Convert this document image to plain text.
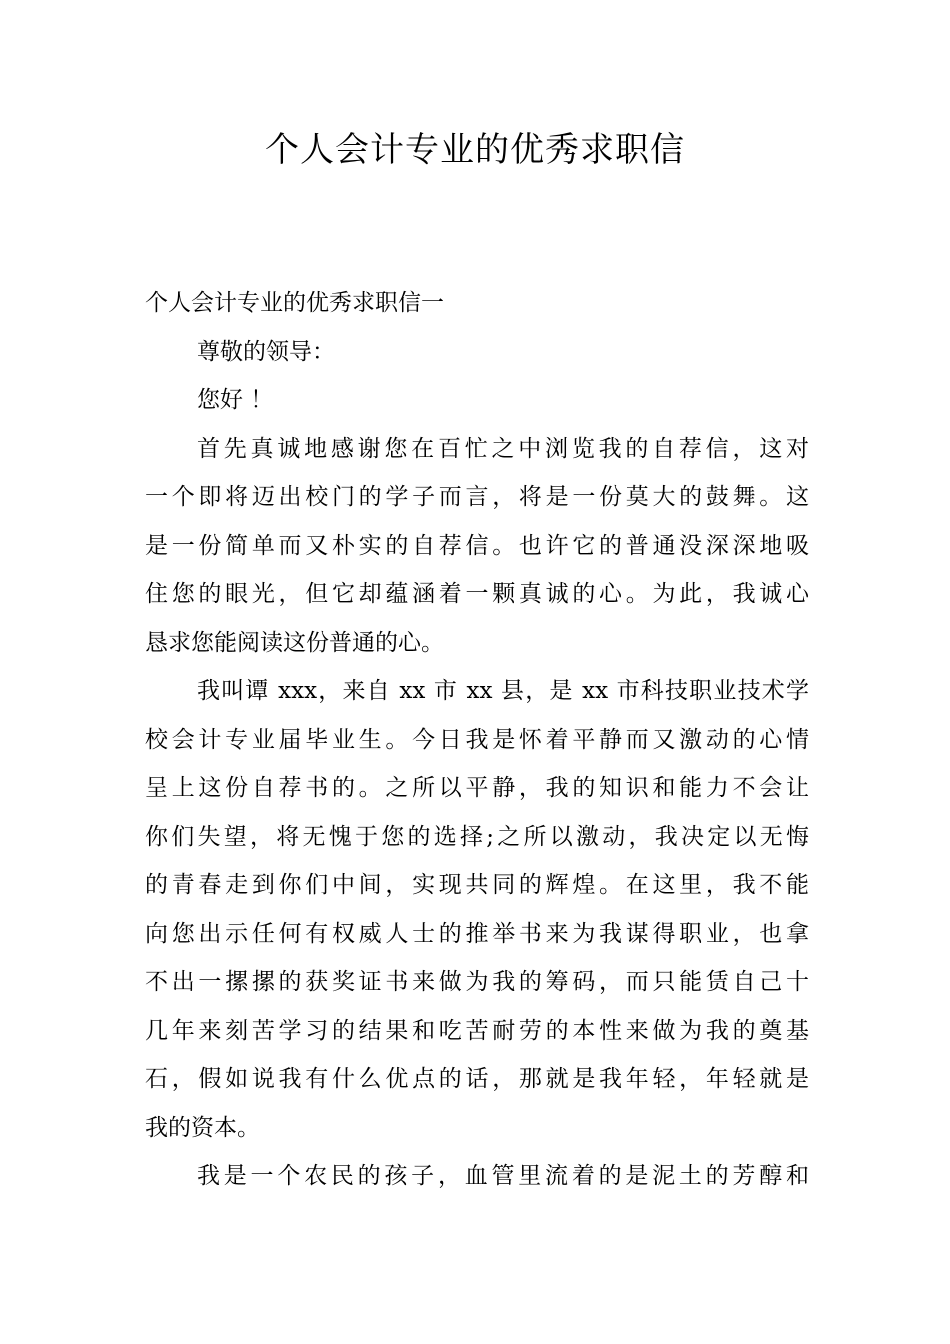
个人会计专业的优秀求职信
个人会计专业的优秀求职信一
尊敬的领导：
您好 ！
首先真诚地感谢您在百忙之中浏览我的自荐信，这对
一个即将迈出校门的学子而言，将是一份莫大的鼓舞。这
是一份简单而又朴实的自荐信。也许它的普通没深深地吸
住您的眼光，但它却蕴涵着一颗真诚的心。为此，我诚心
恳求您能阅读这份普通的心。
我叫谭 xxx，来自 xx 市 xx 县，是 xx 市科技职业技术学
校会计专业届毕业生。今日我是怀着平静而又激动的心情
呈上这份自荐书的。之所以平静，我的知识和能力不会让
你们失望，将无愧于您的选择;之所以激动，我决定以无悔
的青春走到你们中间，实现共同的辉煌。在这里，我不能
向您出示任何有权威人士的推举书来为我谋得职业，也拿
不出一摞摞的获奖证书来做为我的筹码，而只能赁自己十
几年来刻苦学习的结果和吃苦耐劳的本性来做为我的奠基
石，假如说我有什么优点的话，那就是我年轻，年轻就是
我的资本。
我是一个农民的孩子，血管里流着的是泥土的芳醇和
